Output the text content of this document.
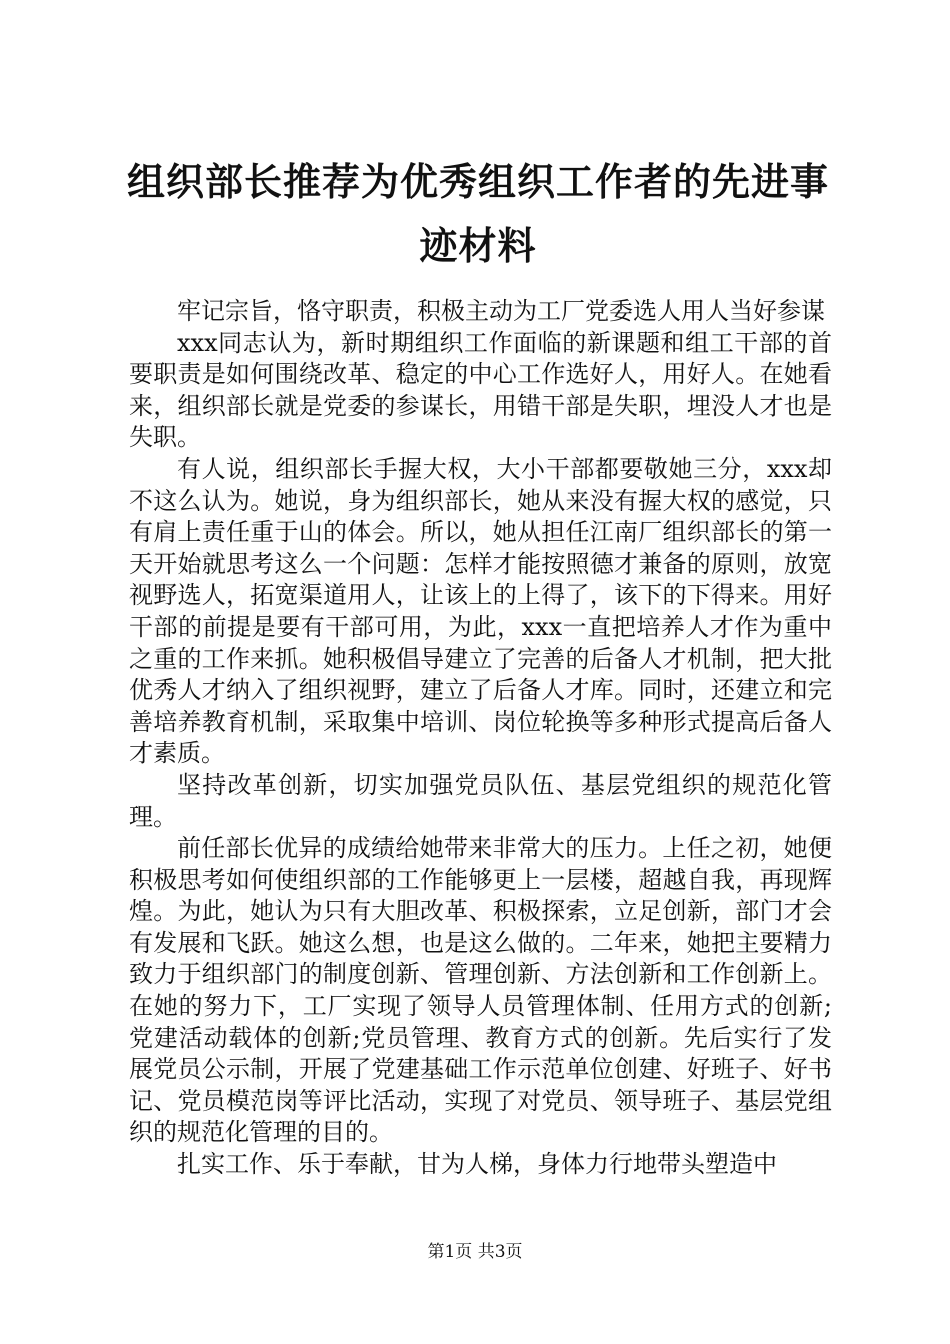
组织部长推荐为优秀组织工作者的先进事迹材料

牢记宗旨，恪守职责，积极主动为工厂党委选人用人当好参谋

xxx同志认为，新时期组织工作面临的新课题和组工干部的首要职责是如何围绕改革、稳定的中心工作选好人，用好人。在她看来，组织部长就是党委的参谋长，用错干部是失职，埋没人才也是失职。

有人说，组织部长手握大权，大小干部都要敬她三分，xxx却不这么认为。她说，身为组织部长，她从来没有握大权的感觉，只有肩上责任重于山的体会。所以，她从担任江南厂组织部长的第一天开始就思考这么一个问题：怎样才能按照德才兼备的原则，放宽视野选人，拓宽渠道用人，让该上的上得了，该下的下得来。用好干部的前提是要有干部可用，为此，xxx一直把培养人才作为重中之重的工作来抓。她积极倡导建立了完善的后备人才机制，把大批优秀人才纳入了组织视野，建立了后备人才库。同时，还建立和完善培养教育机制，采取集中培训、岗位轮换等多种形式提高后备人才素质。

坚持改革创新，切实加强党员队伍、基层党组织的规范化管理。

前任部长优异的成绩给她带来非常大的压力。上任之初，她便积极思考如何使组织部的工作能够更上一层楼，超越自我，再现辉煌。为此，她认为只有大胆改革、积极探索，立足创新，部门才会有发展和飞跃。她这么想，也是这么做的。二年来，她把主要精力致力于组织部门的制度创新、管理创新、方法创新和工作创新上。在她的努力下，工厂实现了领导人员管理体制、任用方式的创新;党建活动载体的创新;党员管理、教育方式的创新。先后实行了发展党员公示制，开展了党建基础工作示范单位创建、好班子、好书记、党员模范岗等评比活动，实现了对党员、领导班子、基层党组织的规范化管理的目的。

扎实工作、乐于奉献，甘为人梯，身体力行地带头塑造中

第1页 共3页
